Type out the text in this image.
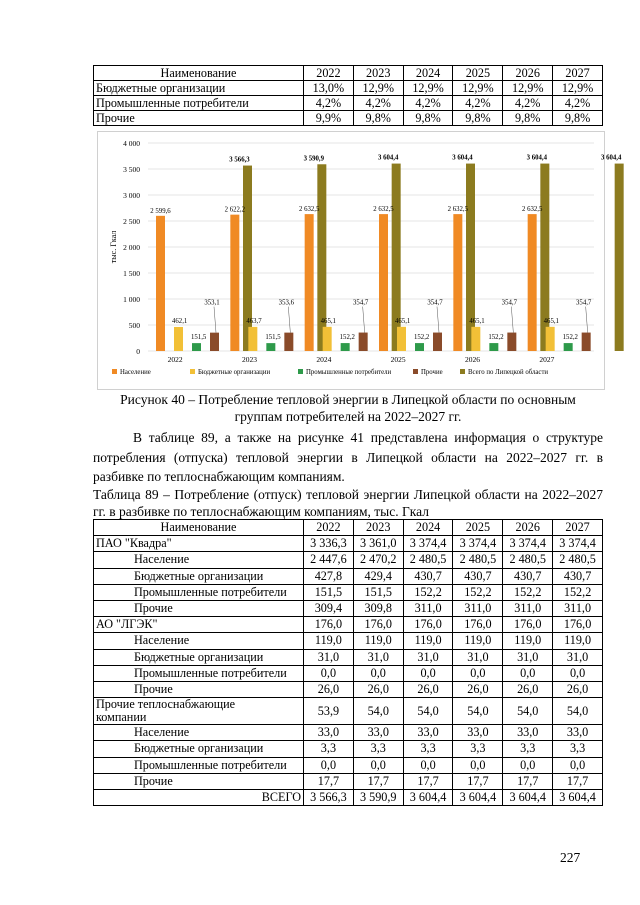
Наименование	2022	2023	2024	2025	2026	2027
Бюджетные организации	13,0%	12,9%	12,9%	12,9%	12,9%	12,9%
Промышленные потребители	4,2%	4,2%	4,2%	4,2%	4,2%	4,2%
Прочие	9,9%	9,8%	9,8%	9,8%	9,8%	9,8%
0
500
1 000
1 500
2 000
2 500
3 000
3 500
4 000
тыс. Гкал
2 599,6
462,1
151,5
353,1
3 566,3
2022
2 622,2
463,7
151,5
353,6
3 590,9
2023
2 632,5
465,1
152,2
354,7
3 604,4
2024
2 632,5
465,1
152,2
354,7
3 604,4
2025
2 632,5
465,1
152,2
354,7
3 604,4
2026
2 632,5
465,1
152,2
354,7
3 604,4
2027
Население	Бюджетные организации	Промышленные потребители	Прочие	Всего по Липецкой области
Рисунок 40 – Потребление тепловой энергии в Липецкой области по основным
группам потребителей на 2022–2027 гг.
В таблице 89, а также на рисунке 41 представлена информация о структуре потребления (отпуска) тепловой энергии в Липецкой области на 2022–2027 гг. в разбивке по теплоснабжающим компаниям.
Таблица 89 – Потребление (отпуск) тепловой энергии Липецкой области на 2022–2027 гг. в разбивке по теплоснабжающим компаниям, тыс. Гкал
Наименование	2022	2023	2024	2025	2026	2027
ПАО "Квадра"	3 336,3	3 361,0	3 374,4	3 374,4	3 374,4	3 374,4
Население	2 447,6	2 470,2	2 480,5	2 480,5	2 480,5	2 480,5
Бюджетные организации	427,8	429,4	430,7	430,7	430,7	430,7
Промышленные потребители	151,5	151,5	152,2	152,2	152,2	152,2
Прочие	309,4	309,8	311,0	311,0	311,0	311,0
АО "ЛГЭК"	176,0	176,0	176,0	176,0	176,0	176,0
Население	119,0	119,0	119,0	119,0	119,0	119,0
Бюджетные организации	31,0	31,0	31,0	31,0	31,0	31,0
Промышленные потребители	0,0	0,0	0,0	0,0	0,0	0,0
Прочие	26,0	26,0	26,0	26,0	26,0	26,0

Прочие теплоснабжающие
компании	53,9	54,0	54,0	54,0	54,0	54,0
Население	33,0	33,0	33,0	33,0	33,0	33,0
Бюджетные организации	3,3	3,3	3,3	3,3	3,3	3,3
Промышленные потребители	0,0	0,0	0,0	0,0	0,0	0,0
Прочие	17,7	17,7	17,7	17,7	17,7	17,7
ВСЕГО	3 566,3	3 590,9	3 604,4	3 604,4	3 604,4	3 604,4
227
